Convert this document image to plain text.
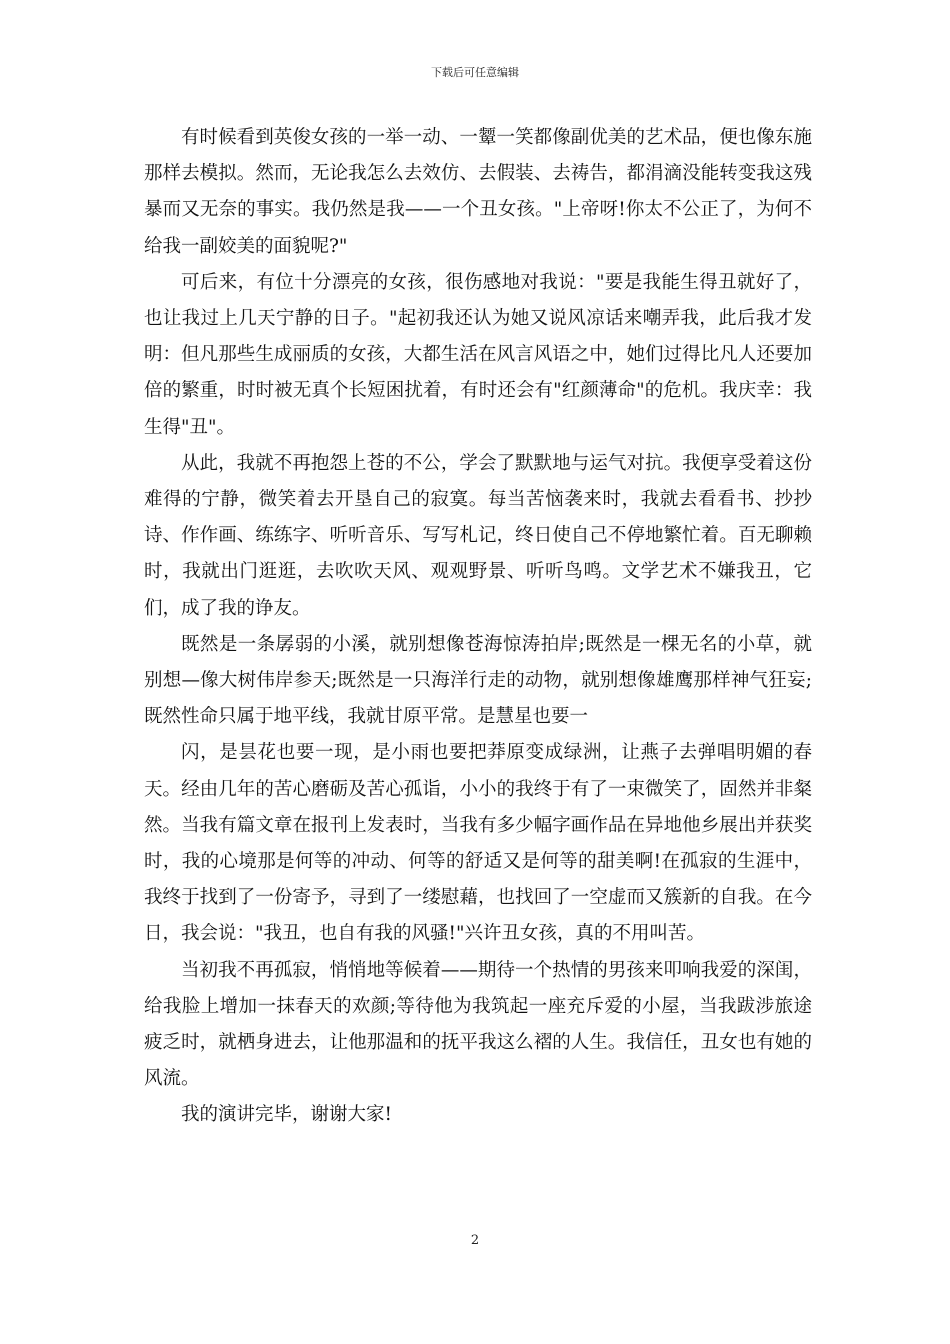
下载后可任意编辑

有时候看到英俊女孩的一举一动、一颦一笑都像副优美的艺术品，便也像东施那样去模拟。然而，无论我怎么去效仿、去假装、去祷告，都涓滴没能转变我这残暴而又无奈的事实。我仍然是我——一个丑女孩。"上帝呀!你太不公正了，为何不给我一副姣美的面貌呢?"

可后来，有位十分漂亮的女孩，很伤感地对我说："要是我能生得丑就好了，也让我过上几天宁静的日子。"起初我还认为她又说风凉话来嘲弄我，此后我才发明：但凡那些生成丽质的女孩，大都生活在风言风语之中，她们过得比凡人还要加倍的繁重，时时被无真个长短困扰着，有时还会有"红颜薄命"的危机。我庆幸：我生得"丑"。

从此，我就不再抱怨上苍的不公，学会了默默地与运气对抗。我便享受着这份难得的宁静，微笑着去开垦自己的寂寞。每当苦恼袭来时，我就去看看书、抄抄诗、作作画、练练字、听听音乐、写写札记，终日使自己不停地繁忙着。百无聊赖时，我就出门逛逛，去吹吹天风、观观野景、听听鸟鸣。文学艺术不嫌我丑，它们，成了我的诤友。

既然是一条孱弱的小溪，就别想像苍海惊涛拍岸;既然是一棵无名的小草，就别想—像大树伟岸参天;既然是一只海洋行走的动物，就别想像雄鹰那样神气狂妄;既然性命只属于地平线，我就甘原平常。是慧星也要一

闪，是昙花也要一现，是小雨也要把莽原变成绿洲，让燕子去弹唱明媚的春天。经由几年的苦心磨砺及苦心孤诣，小小的我终于有了一束微笑了，固然并非粲然。当我有篇文章在报刊上发表时，当我有多少幅字画作品在异地他乡展出并获奖时，我的心境那是何等的冲动、何等的舒适又是何等的甜美啊!在孤寂的生涯中，我终于找到了一份寄予，寻到了一缕慰藉，也找回了一空虚而又簇新的自我。在今日，我会说："我丑，也自有我的风骚!"兴许丑女孩，真的不用叫苦。

当初我不再孤寂，悄悄地等候着——期待一个热情的男孩来叩响我爱的深闺，给我脸上增加一抹春天的欢颜;等待他为我筑起一座充斥爱的小屋，当我跋涉旅途疲乏时，就栖身进去，让他那温和的抚平我这么褶的人生。我信任，丑女也有她的风流。

我的演讲完毕，谢谢大家!

2
